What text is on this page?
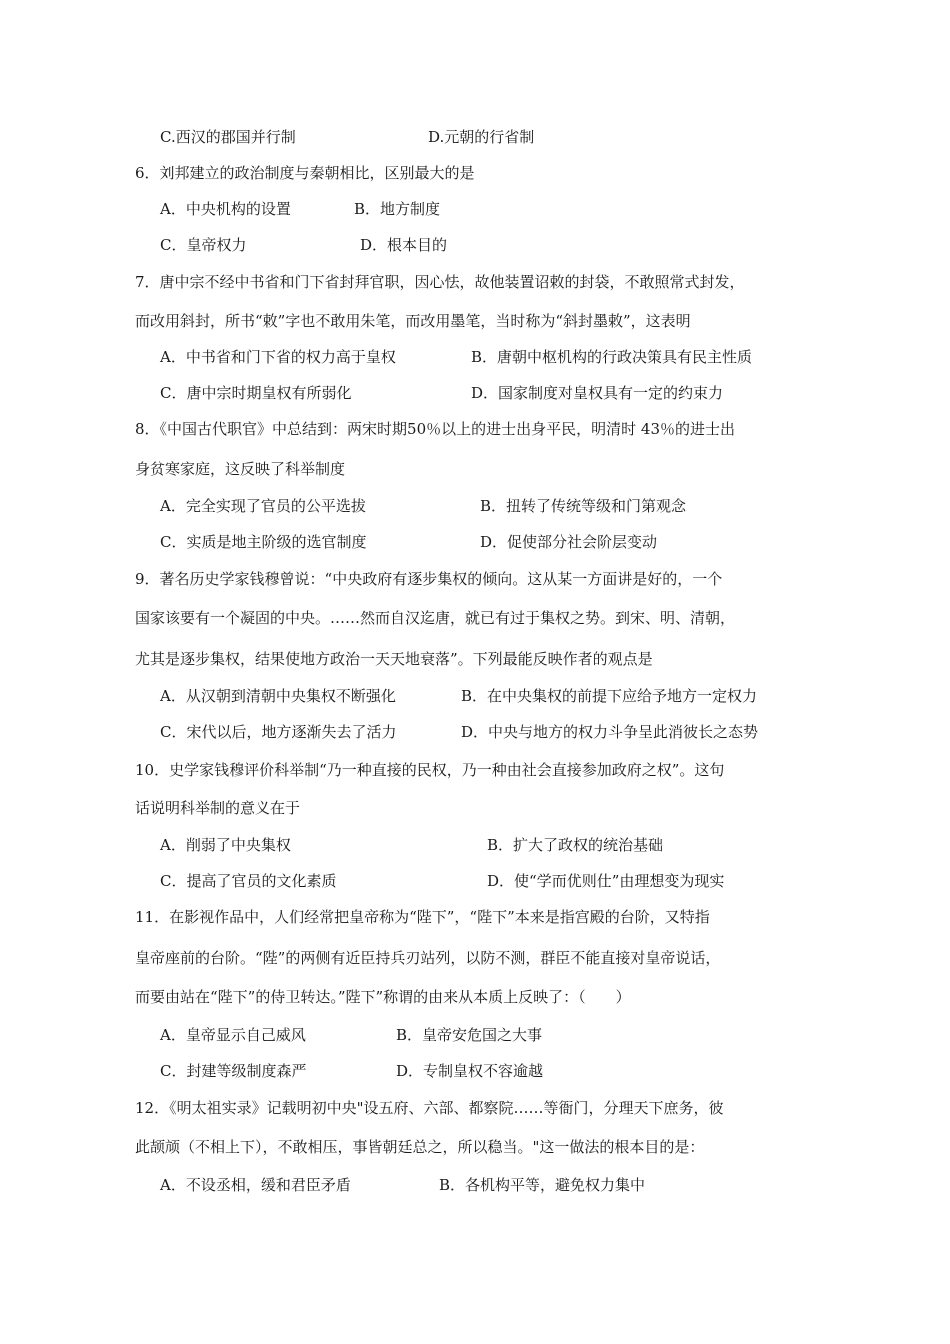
C.西汉的郡国并行制	D.元朝的行省制
6．刘邦建立的政治制度与秦朝相比，区别最大的是
A．中央机构的设置	B．地方制度
C．皇帝权力	D．根本目的
7．唐中宗不经中书省和门下省封拜官职，因心怯，故他装置诏敕的封袋，不敢照常式封发，
而改用斜封，所书“敕”字也不敢用朱笔，而改用墨笔，当时称为“斜封墨敕”，这表明
A．中书省和门下省的权力高于皇权	B．唐朝中枢机构的行政决策具有民主性质
C．唐中宗时期皇权有所弱化	D．国家制度对皇权具有一定的约束力
8．《中国古代职官》中总结到：两宋时期50％以上的进士出身平民，明清时 43％的进士出
身贫寒家庭，这反映了科举制度
A．完全实现了官员的公平选拔	B．扭转了传统等级和门第观念
C．实质是地主阶级的选官制度	D．促使部分社会阶层变动
9．著名历史学家钱穆曾说：“中央政府有逐步集权的倾向。这从某一方面讲是好的，一个
国家该要有一个凝固的中央。……然而自汉迄唐，就已有过于集权之势。到宋、明、清朝，
尤其是逐步集权，结果使地方政治一天天地衰落”。下列最能反映作者的观点是
A．从汉朝到清朝中央集权不断强化	B．在中央集权的前提下应给予地方一定权力
C．宋代以后，地方逐渐失去了活力	D．中央与地方的权力斗争呈此消彼长之态势
10．史学家钱穆评价科举制“乃一种直接的民权，乃一种由社会直接参加政府之权”。这句
话说明科举制的意义在于
A．削弱了中央集权	B．扩大了政权的统治基础
C．提高了官员的文化素质	D．使“学而优则仕”由理想变为现实
11．在影视作品中，人们经常把皇帝称为“陛下”，“陛下”本来是指宫殿的台阶，又特指
皇帝座前的台阶。“陛”的两侧有近臣持兵刃站列，以防不测，群臣不能直接对皇帝说话，
而要由站在“陛下”的侍卫转达。”陛下”称谓的由来从本质上反映了：（　　）
A．皇帝显示自己威风	B．皇帝安危国之大事
C．封建等级制度森严	D．专制皇权不容逾越
12．《明太祖实录》记载明初中央"设五府、六部、都察院……等衙门，分理天下庶务，彼
此颉颃（不相上下），不敢相压，事皆朝廷总之，所以稳当。"这一做法的根本目的是：
A．不设丞相，缓和君臣矛盾	B．各机构平等，避免权力集中
